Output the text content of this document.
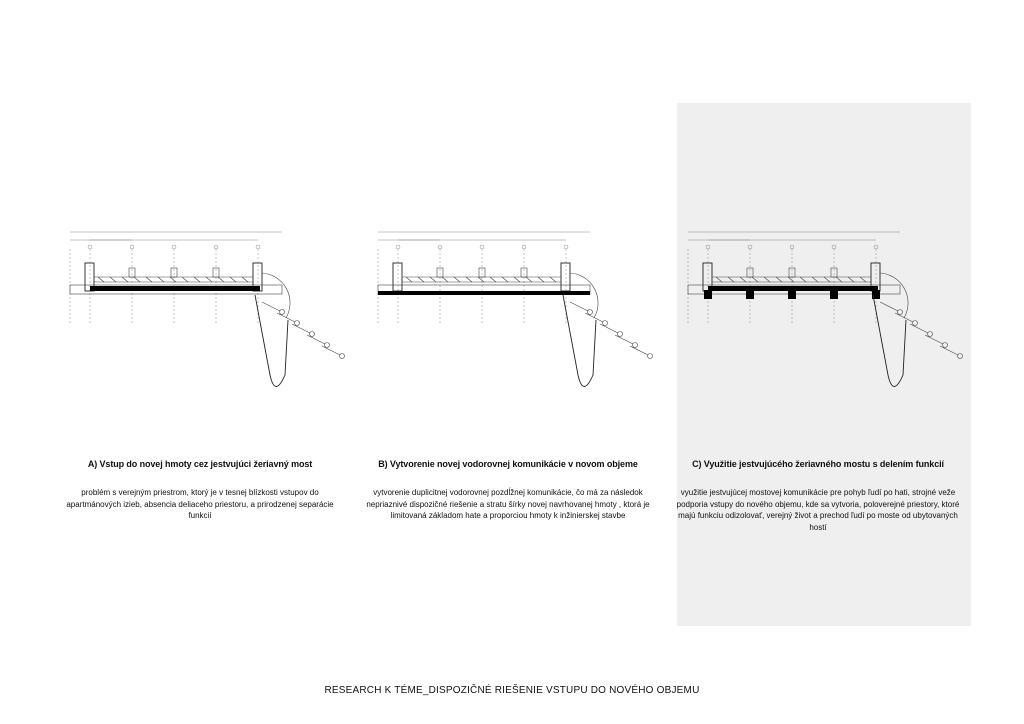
A) Vstup do novej hmoty cez jestvujúci žeriavný most
problém s verejným priestrom, ktorý je v tesnej blízkosti vstupov do apartmánových izieb, absencia deliaceho priestoru, a prirodzenej separácie funkcií
B) Vytvorenie novej vodorovnej komunikácie v novom objeme
vytvorenie duplicitnej vodorovnej pozdĺžnej komunikácie, čo má za následok nepriaznivé dispozičné riešenie a stratu šírky novej navrhovanej hmoty , ktorá je limitovaná základom hate a proporciou hmoty k inžinierskej stavbe
C) Využitie jestvujúcého žeriavného mostu s delením funkcií
využitie jestvujúcej mostovej komunikácie pre pohyb ľudí po hati, strojné veže podporia vstupy do nového objemu, kde sa vytvoria, poloverejné priestory, ktoré majú funkciu odizolovať, verejný život a prechod ľudí po moste od ubytovaných hostí
RESEARCH K TÉME_DISPOZIČNÉ RIEŠENIE VSTUPU DO NOVÉHO OBJEMU
